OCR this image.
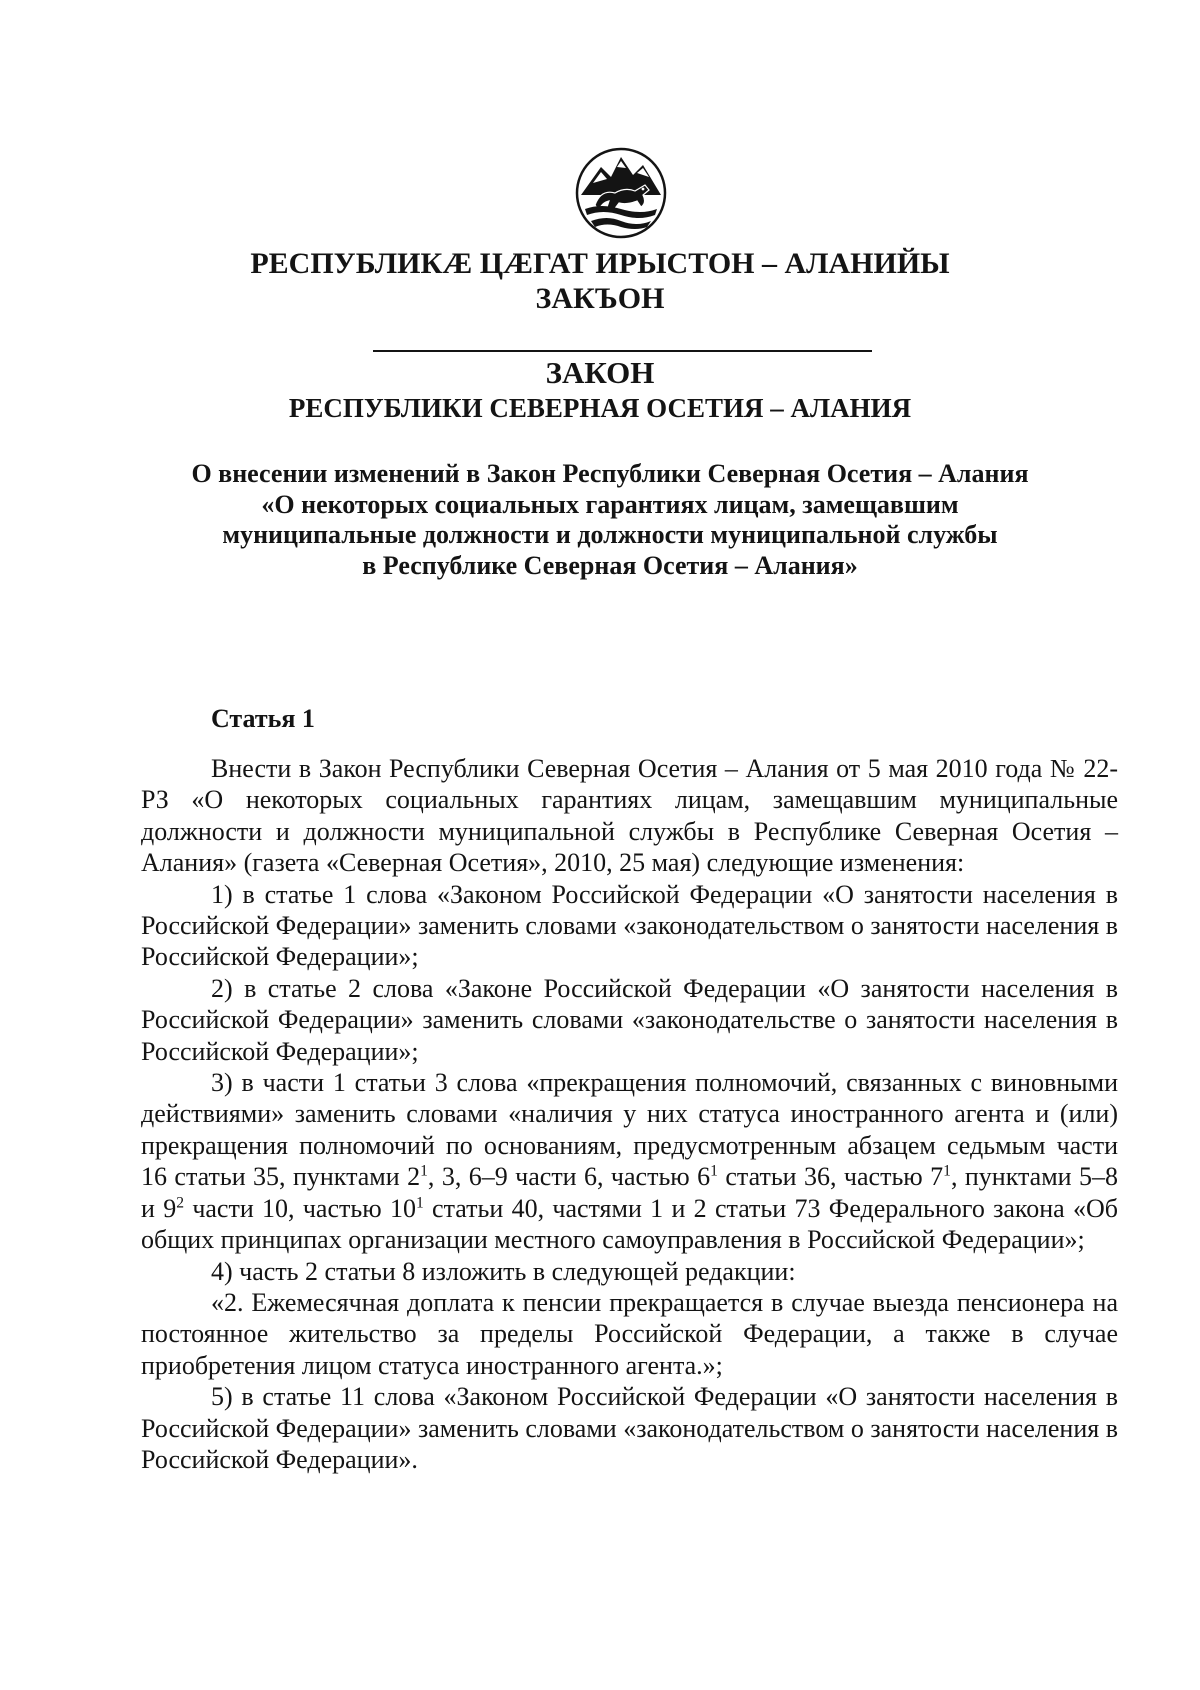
РЕСПУБЛИКӔ ЦӔГАТ ИРЫСТОН – АЛАНИЙЫ
ЗАКЪОН
ЗАКОН
РЕСПУБЛИКИ СЕВЕРНАЯ ОСЕТИЯ – АЛАНИЯ
О внесении изменений в Закон Республики Северная Осетия – Алания
«О некоторых социальных гарантиях лицам, замещавшим
муниципальные должности и должности муниципальной службы
в Республике Северная Осетия – Алания»
Статья 1

Внести в Закон Республики Северная Осетия – Алания от 5 мая 2010 года № 22-РЗ «О некоторых социальных гарантиях лицам, замещавшим муниципальные должности и должности муниципальной службы в Республике Северная Осетия – Алания» (газета «Северная Осетия», 2010, 25 мая) следующие изменения:

1) в статье 1 слова «Законом Российской Федерации «О занятости населения в Российской Федерации» заменить словами «законодательством о занятости населения в Российской Федерации»;

2) в статье 2 слова «Законе Российской Федерации «О занятости населения в Российской Федерации» заменить словами «законодательстве о занятости населения в Российской Федерации»;

3) в части 1 статьи 3 слова «прекращения полномочий, связанных с виновными действиями» заменить словами «наличия у них статуса иностранного агента и (или) прекращения полномочий по основаниям, предусмотренным абзацем седьмым части 16 статьи 35, пунктами $2^1$, 3, 6–9 части 6, частью $6^1$ статьи 36, частью $7^1$, пунктами 5–8 и $9^2$ части 10, частью $10^1$ статьи 40, частями 1 и 2 статьи 73 Федерального закона «Об общих принципах организации местного самоуправления в Российской Федерации»;

4) часть 2 статьи 8 изложить в следующей редакции:

«2. Ежемесячная доплата к пенсии прекращается в случае выезда пенсионера на постоянное жительство за пределы Российской Федерации, а также в случае приобретения лицом статуса иностранного агента.»;

5) в статье 11 слова «Законом Российской Федерации «О занятости населения в Российской Федерации» заменить словами «законодательством о занятости населения в Российской Федерации».
